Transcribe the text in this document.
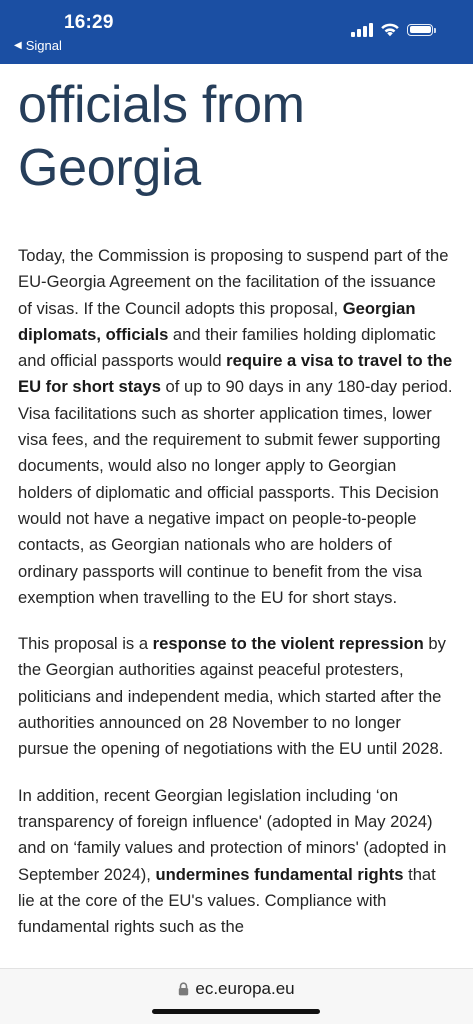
16:29
◀ Signal
officials from
Georgia

Today, the Commission is proposing to suspend part of the EU-Georgia Agreement on the facilitation of the issuance of visas. If the Council adopts this proposal, Georgian diplomats, officials and their families holding diplomatic and official passports would require a visa to travel to the EU for short stays of up to 90 days in any 180-day period. Visa facilitations such as shorter application times, lower visa fees, and the requirement to submit fewer supporting documents, would also no longer apply to Georgian holders of diplomatic and official passports. This Decision would not have a negative impact on people-to-people contacts, as Georgian nationals who are holders of ordinary passports will continue to benefit from the visa exemption when travelling to the EU for short stays.

This proposal is a response to the violent repression by the Georgian authorities against peaceful protesters, politicians and independent media, which started after the authorities announced on 28 November to no longer pursue the opening of negotiations with the EU until 2028.

In addition, recent Georgian legislation including ‘on transparency of foreign influence' (adopted in May 2024) and on ‘family values and protection of minors' (adopted in September 2024), undermines fundamental rights that lie at the core of the EU's values. Compliance with fundamental rights such as the

ec.europa.eu
